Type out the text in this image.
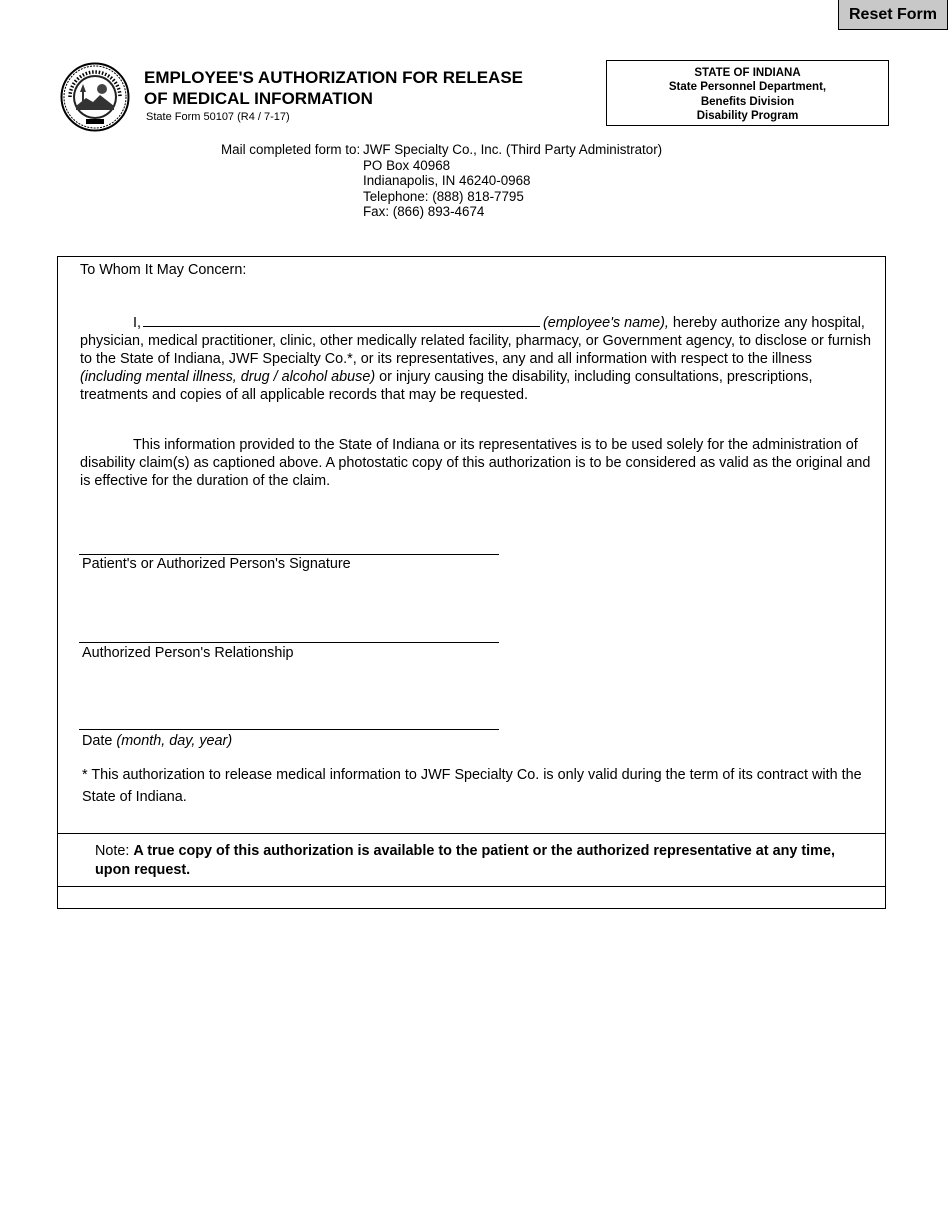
Reset Form
EMPLOYEE'S AUTHORIZATION FOR RELEASE
OF MEDICAL INFORMATION
State Form 50107 (R4 / 7-17)
STATE OF INDIANA
State Personnel Department,
Benefits Division
Disability Program
Mail completed form to: JWF Specialty Co., Inc. (Third Party Administrator)
PO Box 40968
Indianapolis, IN 46240-0968
Telephone: (888) 818-7795
Fax: (866) 893-4674
To Whom It May Concern:
I,	(employee's name), hereby authorize any hospital, physician, medical practitioner, clinic, other medically related facility, pharmacy, or Government agency, to disclose or furnish to the State of Indiana, JWF Specialty Co.*, or its representatives, any and all information with respect to the illness (including mental illness, drug / alcohol abuse) or injury causing the disability, including consultations, prescriptions, treatments and copies of all applicable records that may be requested.
This information provided to the State of Indiana or its representatives is to be used solely for the administration of disability claim(s) as captioned above. A photostatic copy of this authorization is to be considered as valid as the original and is effective for the duration of the claim.
Patient's or Authorized Person's Signature
Authorized Person's Relationship
Date (month, day, year)
* This authorization to release medical information to JWF Specialty Co. is only valid during the term of its contract with the State of Indiana.
Note: A true copy of this authorization is available to the patient or the authorized representative at any time, upon request.
